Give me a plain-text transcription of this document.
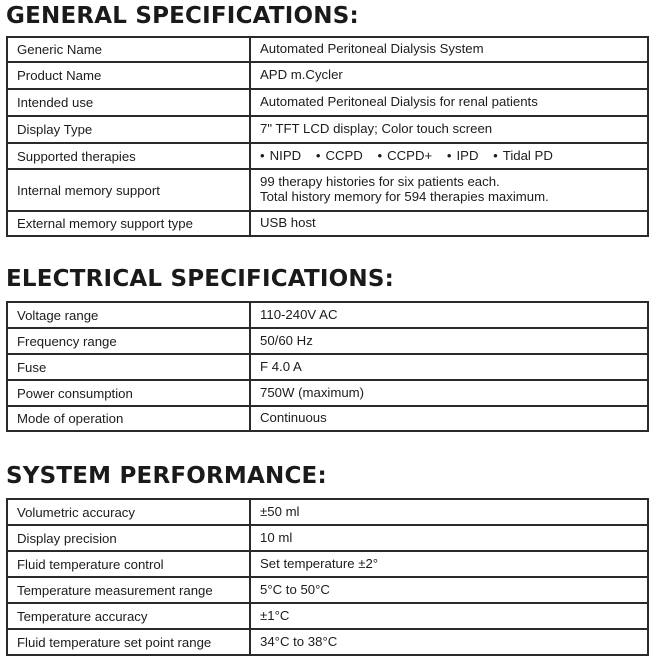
GENERAL SPECIFICATIONS:
Generic Name	Automated Peritoneal Dialysis System
Product Name	APD m.Cycler
Intended use	Automated Peritoneal Dialysis for renal patients
Display Type	7" TFT LCD display; Color touch screen
Supported therapies	• NIPD • CCPD • CCPD+ • IPD • Tidal PD
Internal memory support	99 therapy histories for six patients each.
Total history memory for 594 therapies maximum.

External memory support type	USB host
ELECTRICAL SPECIFICATIONS:
Voltage range	110-240V AC
Frequency range	50/60 Hz
Fuse	F 4.0 A
Power consumption	750W (maximum)
Mode of operation	Continuous
SYSTEM PERFORMANCE:
Volumetric accuracy	±50 ml
Display precision	10 ml
Fluid temperature control	Set temperature ±2°
Temperature measurement range	5°C to 50°C
Temperature accuracy	±1°C
Fluid temperature set point range	34°C to 38°C
